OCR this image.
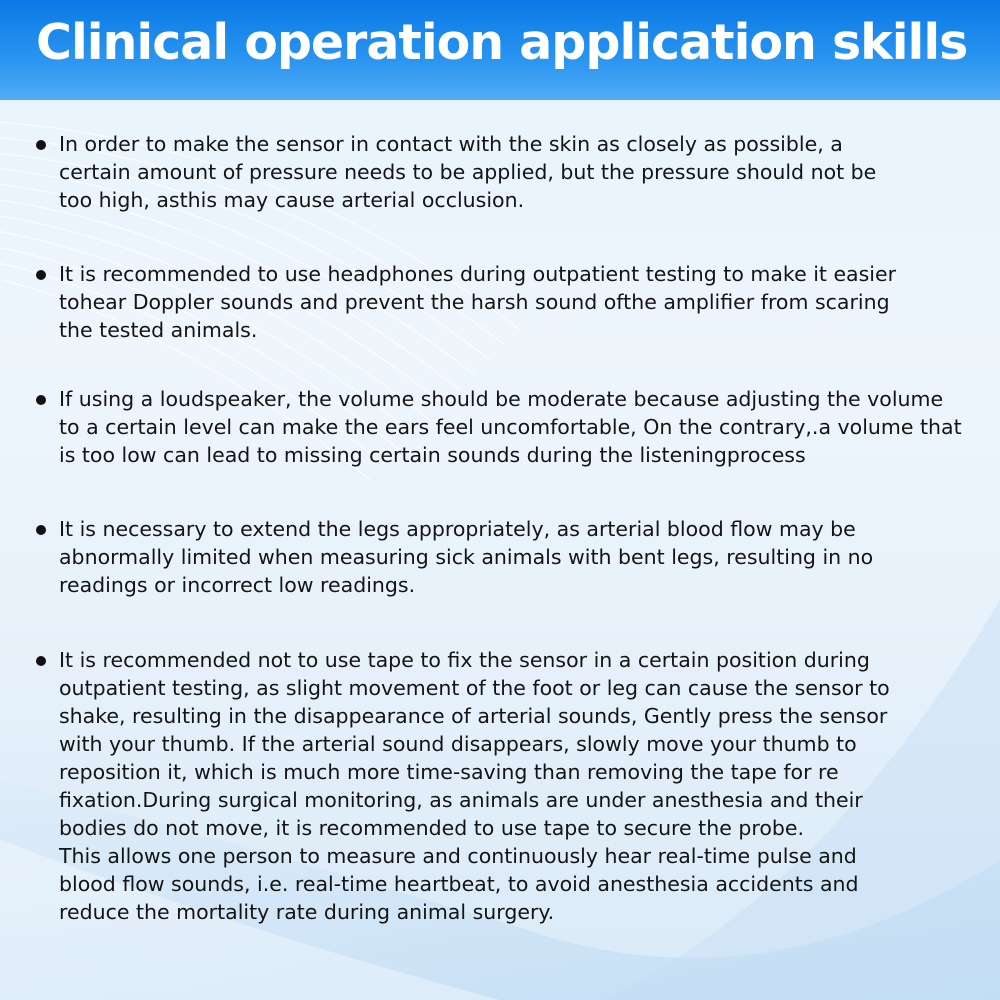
Clinical operation application skills
In order to make the sensor in contact with the skin as closely as possible, a
certain amount of pressure needs to be applied, but the pressure should not be
too high, asthis may cause arterial occlusion.
It is recommended to use headphones during outpatient testing to make it easier
tohear Doppler sounds and prevent the harsh sound ofthe amplifier from scaring
the tested animals.
If using a loudspeaker, the volume should be moderate because adjusting the volume
to a certain level can make the ears feel uncomfortable, On the contrary,.a volume that
is too low can lead to missing certain sounds during the listeningprocess
It is necessary to extend the legs appropriately, as arterial blood flow may be
abnormally limited when measuring sick animals with bent legs, resulting in no
readings or incorrect low readings.
It is recommended not to use tape to fix the sensor in a certain position during
outpatient testing, as slight movement of the foot or leg can cause the sensor to
shake, resulting in the disappearance of arterial sounds, Gently press the sensor
with your thumb. If the arterial sound disappears, slowly move your thumb to
reposition it, which is much more time-saving than removing the tape for re
fixation.During surgical monitoring, as animals are under anesthesia and their
bodies do not move, it is recommended to use tape to secure the probe.
This allows one person to measure and continuously hear real-time pulse and
blood flow sounds, i.e. real-time heartbeat, to avoid anesthesia accidents and
reduce the mortality rate during animal surgery.
